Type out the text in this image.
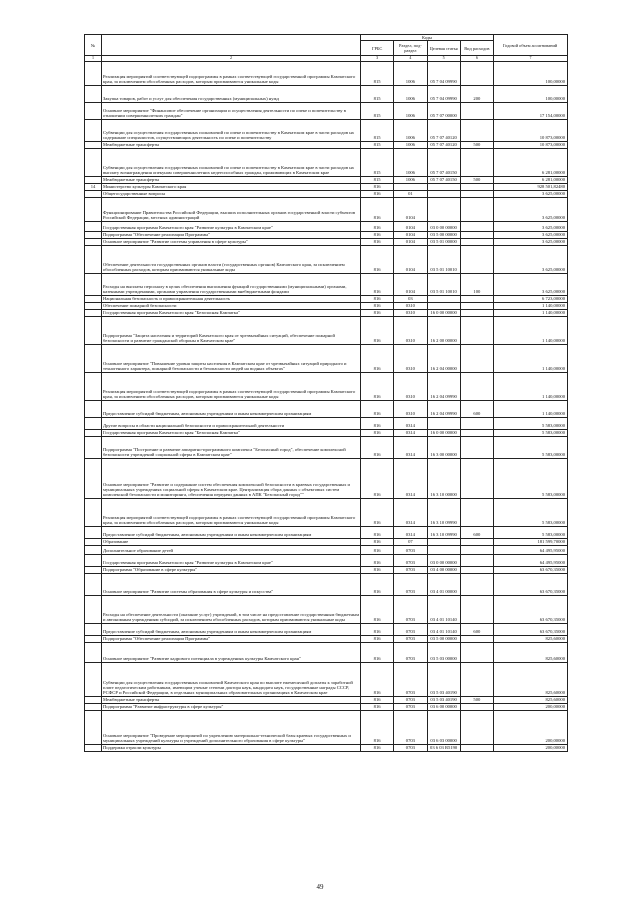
№		Коды				Годовой объем ассигнований
		ГРБС	Раздел, под-раздел	Целевая статья	Вид расходов	
1	2	3	4	5	6	7
	Реализация мероприятий соответствующей подпрограммы в рамках соответствующей государственной программы Камчатского края, за исключением обособленных расходов, которым присваиваются уникальные коды	815	1006	05 7 04 09990		100,00000
	Закупка товаров, работ и услуг для обеспечения государственных (муниципальных) нужд	815	1006	05 7 04 09990	200	100,00000
	Основное мероприятие "Финансовое обеспечение организации и осуществления деятельности по опеке и попечительству в отношении совершеннолетних граждан"	815	1006	05 7 07 00000		17 154,00000
	Субвенции для осуществления государственных полномочий по опеке и попечительству в Камчатском крае в части расходов на содержание специалистов, осуществляющих деятельность по опеке и попечительству	815	1006	05 7 07 40120		10 873,00000
	Межбюджетные трансферты	815	1006	05 7 07 40120	500	10 873,00000
	Субвенции для осуществления государственных полномочий по опеке и попечительству в Камчатском крае в части расходов на выплату вознаграждения опекунам совершеннолетних недееспособных граждан, проживающих в Камчатском крае	815	1006	05 7 07 40150		6 281,00000
	Межбюджетные трансферты	815	1006	05 7 07 40150	500	6 281,00000
14	Министерство культуры Камчатского края	816				928 501,82480
	Общегосударственные вопросы	816	01			3 625,00000
	Функционирование Правительства Российской Федерации, высших исполнительных органов государственной власти субъектов Российской Федерации, местных администраций	816	0104			3 625,00000
	Государственная программа Камчатского края "Развитие культуры в Камчатском крае"	816	0104	03 0 00 00000		3 625,00000
	Подпрограмма "Обеспечение реализации Программы"	816	0104	03 5 00 00000		3 625,00000
	Основное мероприятие "Развитие системы управления в сфере культуры"	816	0104	03 5 01 00000		3 625,00000
	Обеспечение деятельности государственных органов власти (государственных органов) Камчатского края, за исключением обособленных расходов, которым присваиваются уникальные коды	816	0104	03 5 01 10010		3 625,00000
	Расходы на выплаты персоналу в целях обеспечения выполнения функций государственными (муниципальными) органами, казенными учреждениями, органами управления государственными внебюджетными фондами	816	0104	03 5 01 10010	100	3 625,00000
	Национальная безопасность и правоохранительная деятельность	816	03			6 723,00000
	Обеспечение пожарной безопасности	816	0310			1 140,00000
	Государственная программа Камчатского края "Безопасная Камчатка"	816	0310	16 0 00 00000		1 140,00000
	Подпрограмма "Защита населения и территорий Камчатского края от чрезвычайных ситуаций, обеспечение пожарной безопасности и развитие гражданской обороны в Камчатском крае"	816	0310	16 2 00 00000		1 140,00000
	Основное мероприятие "Повышение уровня защиты населения в Камчатском крае от чрезвычайных ситуаций природного и техногенного характера, пожарной безопасности и безопасности людей на водных объектах"	816	0310	16 2 04 00000		1 140,00000
	Реализация мероприятий соответствующей подпрограммы в рамках соответствующей государственной программы Камчатского края, за исключением обособленных расходов, которым присваиваются уникальные коды	816	0310	16 2 04 09990		1 140,00000
	Предоставление субсидий бюджетным, автономным учреждениям и иным некоммерческим организациям	816	0310	16 2 04 09990	600	1 140,00000
	Другие вопросы в области национальной безопасности и правоохранительной деятельности	816	0314			5 583,00000
	Государственная программа Камчатского края "Безопасная Камчатка"	816	0314	16 0 00 00000		5 583,00000
	Подпрограмма "Построение и развитие аппаратно-программного комплекса "Безопасный город", обеспечение комплексной безопасности учреждений социальной сферы в Камчатском крае"	816	0314	16 3 00 00000		5 583,00000
	Основное мероприятие "Развитие и содержание систем обеспечения комплексной безопасности в краевых государственных и муниципальных учреждениях социальной сферы в Камчатском крае. Централизация сбора данных с объектовых систем комплексной безопасности и мониторинга, обеспечения передачи данных в АПК "Безопасный город""	816	0314	16 3 10 00000		5 583,00000
	Реализация мероприятий соответствующей подпрограммы в рамках соответствующей государственной программы Камчатского края, за исключением обособленных расходов, которым присваиваются уникальные коды	816	0314	16 3 10 09990		5 583,00000
	Предоставление субсидий бюджетным, автономным учреждениям и иным некоммерческим организациям	816	0314	16 3 10 09990	600	5 583,00000
	Образование	816	07			181 599,70000
	Дополнительное образование детей	816	0703			64 495,95000
	Государственная программа Камчатского края "Развитие культуры в Камчатском крае"	816	0703	03 0 00 00000		64 495,95000
	Подпрограмма "Образование в сфере культуры"	816	0703	03 4 00 00000		63 670,35000
	Основное мероприятие "Развитие системы образования в сфере культуры и искусства"	816	0703	03 4 01 00000		63 670,35000
	Расходы на обеспечение деятельности (оказание услуг) учреждений, в том числе на предоставление государственным бюджетным и автономным учреждениям субсидий, за исключением обособленных расходов, которым присваиваются уникальные коды	816	0703	03 4 01 10140		63 670,35000
	Предоставление субсидий бюджетным, автономным учреждениям и иным некоммерческим организациям	816	0703	03 4 01 10140	600	63 670,35000
	Подпрограмма "Обеспечение реализации Программы"	816	0703	03 5 00 00000		825,60000
	Основное мероприятие "Развитие кадрового потенциала в учреждениях культуры Камчатского края"	816	0703	03 5 03 00000		825,60000
	Субвенции для осуществления государственных полномочий Камчатского края по выплате ежемесячной доплаты к заработной плате педагогическим работникам, имеющим ученые степени доктора наук, кандидата наук, государственные награды СССР, РСФСР и Российской Федерации, в отдельных муниципальных образовательных организациях в Камчатском крае	816	0703	03 5 03 40190		825,60000
	Межбюджетные трансферты	816	0703	03 5 03 40190	500	825,60000
	Подпрограмма "Развитие инфраструктуры в сфере культуры"	816	0703	03 6 00 00000		200,00000
	Основное мероприятие "Проведение мероприятий по укреплению материально-технической базы краевых государственных и муниципальных учреждений культуры и учреждений дополнительного образования в сфере культуры"	816	0703	03 6 03 00000		200,00000
	Поддержка отрасли культуры	816	0703	03 6 03 R5190		200,00000
49
